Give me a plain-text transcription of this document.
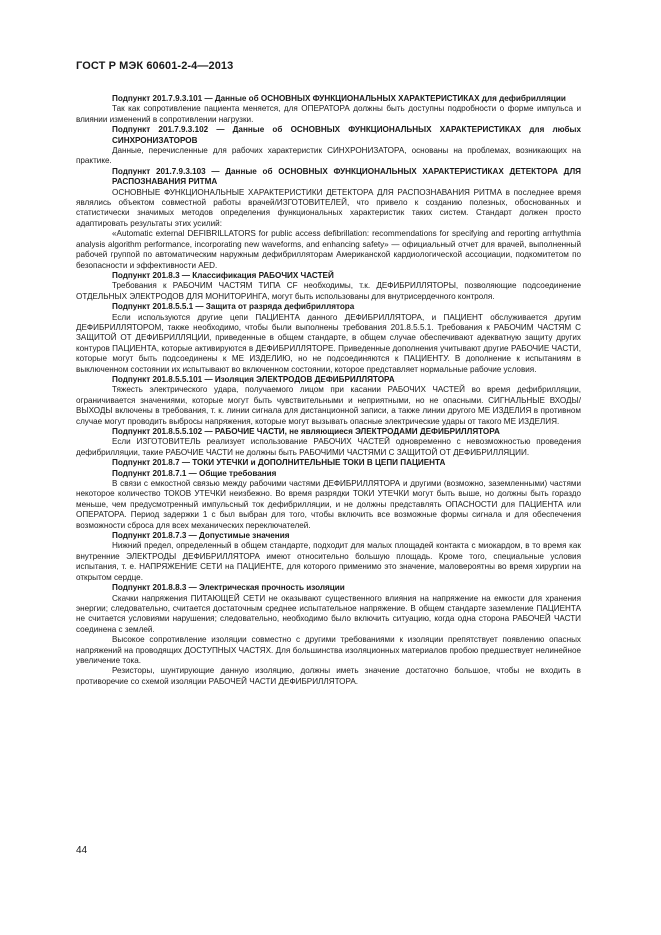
ГОСТ Р МЭК 60601-2-4—2013

Подпункт 201.7.9.3.101 — Данные об ОСНОВНЫХ ФУНКЦИОНАЛЬНЫХ ХАРАКТЕРИСТИКАХ для дефибрилляции

Так как сопротивление пациента меняется, для ОПЕРАТОРА должны быть доступны подробности о форме импульса и влиянии изменений в сопротивлении нагрузки.

Подпункт 201.7.9.3.102 — Данные об ОСНОВНЫХ ФУНКЦИОНАЛЬНЫХ ХАРАКТЕРИСТИКАХ для любых СИНХРОНИЗАТОРОВ

Данные, перечисленные для рабочих характеристик СИНХРОНИЗАТОРА, основаны на проблемах, возникающих на практике.

Подпункт 201.7.9.3.103 — Данные об ОСНОВНЫХ ФУНКЦИОНАЛЬНЫХ ХАРАКТЕРИСТИКАХ ДЕТЕКТОРА ДЛЯ РАСПОЗНАВАНИЯ РИТМА

ОСНОВНЫЕ ФУНКЦИОНАЛЬНЫЕ ХАРАКТЕРИСТИКИ ДЕТЕКТОРА ДЛЯ РАСПОЗНАВАНИЯ РИТМА в последнее время являлись объектом совместной работы врачей/ИЗГОТОВИТЕЛЕЙ, что привело к созданию полезных, обоснованных и статистически значимых методов определения функциональных характеристик таких систем. Стандарт должен просто адаптировать результаты этих усилий:

«Automatic external DEFIBRILLATORS for public access defibrillation: recommendations for specifying and reporting arrhythmia analysis algorithm performance, incorporating new waveforms, and enhancing safety» — официальный отчет для врачей, выполненный рабочей группой по автоматическим наружным дефибрилляторам Американской кардиологической ассоциации, подкомитетом по безопасности и эффективности AED.

Подпункт 201.8.3 — Классификация РАБОЧИХ ЧАСТЕЙ

Требования к РАБОЧИМ ЧАСТЯМ ТИПА CF необходимы, т.к. ДЕФИБРИЛЛЯТОРЫ, позволяющие подсоединение ОТДЕЛЬНЫХ ЭЛЕКТРОДОВ ДЛЯ МОНИТОРИНГА, могут быть использованы для внутрисердечного контроля.

Подпункт 201.8.5.5.1 — Защита от разряда дефибриллятора

Если используются другие цепи ПАЦИЕНТА данного ДЕФИБРИЛЛЯТОРА, и ПАЦИЕНТ обслуживается другим ДЕФИБРИЛЛЯТОРОМ, также необходимо, чтобы были выполнены требования 201.8.5.5.1. Требования к РАБОЧИМ ЧАСТЯМ С ЗАЩИТОЙ ОТ ДЕФИБРИЛЛЯЦИИ, приведенные в общем стандарте, в общем случае обеспечивают адекватную защиту других контуров ПАЦИЕНТА, которые активируются в ДЕФИБРИЛЛЯТОРЕ. Приведенные дополнения учитывают другие РАБОЧИЕ ЧАСТИ, которые могут быть подсоединены к МЕ ИЗДЕЛИЮ, но не подсоединяются к ПАЦИЕНТУ. В дополнение к испытаниям в выключенном состоянии их испытывают во включенном состоянии, которое представляет нормальные рабочие условия.

Подпункт 201.8.5.5.101 — Изоляция ЭЛЕКТРОДОВ ДЕФИБРИЛЛЯТОРА

Тяжесть электрического удара, получаемого лицом при касании РАБОЧИХ ЧАСТЕЙ во время дефибрилляции, ограничивается значениями, которые могут быть чувствительными и неприятными, но не опасными. СИГНАЛЬНЫЕ ВХОДЫ/ВЫХОДЫ включены в требования, т. к. линии сигнала для дистанционной записи, а также линии другого МЕ ИЗДЕЛИЯ в противном случае могут проводить выбросы напряжения, которые могут вызывать опасные электрические удары от такого МЕ ИЗДЕЛИЯ.

Подпункт 201.8.5.5.102 — РАБОЧИЕ ЧАСТИ, не являющиеся ЭЛЕКТРОДАМИ ДЕФИБРИЛЛЯТОРА

Если ИЗГОТОВИТЕЛЬ реализует использование РАБОЧИХ ЧАСТЕЙ одновременно с невозможностью проведения дефибрилляции, такие РАБОЧИЕ ЧАСТИ не должны быть РАБОЧИМИ ЧАСТЯМИ С ЗАЩИТОЙ ОТ ДЕФИБРИЛЛЯЦИИ.

Подпункт 201.8.7 — ТОКИ УТЕЧКИ и ДОПОЛНИТЕЛЬНЫЕ ТОКИ В ЦЕПИ ПАЦИЕНТА

Подпункт 201.8.7.1 — Общие требования

В связи с емкостной связью между рабочими частями ДЕФИБРИЛЛЯТОРА и другими (возможно, заземленными) частями некоторое количество ТОКОВ УТЕЧКИ неизбежно. Во время разрядки ТОКИ УТЕЧКИ могут быть выше, но должны быть гораздо меньше, чем предусмотренный импульсный ток дефибрилляции, и не должны представлять ОПАСНОСТИ для ПАЦИЕНТА или ОПЕРАТОРА. Период задержки 1 с был выбран для того, чтобы включить все возможные формы сигнала и для обеспечения возможности сброса для всех механических переключателей.

Подпункт 201.8.7.3 — Допустимые значения

Нижний предел, определенный в общем стандарте, подходит для малых площадей контакта с миокардом, в то время как внутренние ЭЛЕКТРОДЫ ДЕФИБРИЛЛЯТОРА имеют относительно большую площадь. Кроме того, специальные условия испытания, т. е. НАПРЯЖЕНИЕ СЕТИ на ПАЦИЕНТЕ, для которого применимо это значение, маловероятны во время хирургии на открытом сердце.

Подпункт 201.8.8.3 — Электрическая прочность изоляции

Скачки напряжения ПИТАЮЩЕЙ СЕТИ не оказывают существенного влияния на напряжение на емкости для хранения энергии; следовательно, считается достаточным среднее испытательное напряжение. В общем стандарте заземление ПАЦИЕНТА не считается условиями нарушения; следовательно, необходимо было включить ситуацию, когда одна сторона РАБОЧЕЙ ЧАСТИ соединена с землей.

Высокое сопротивление изоляции совместно с другими требованиями к изоляции препятствует появлению опасных напряжений на проводящих ДОСТУПНЫХ ЧАСТЯХ. Для большинства изоляционных материалов пробою предшествует нелинейное увеличение тока.

Резисторы, шунтирующие данную изоляцию, должны иметь значение достаточно большое, чтобы не входить в противоречие со схемой изоляции РАБОЧЕЙ ЧАСТИ ДЕФИБРИЛЛЯТОРА.

44
